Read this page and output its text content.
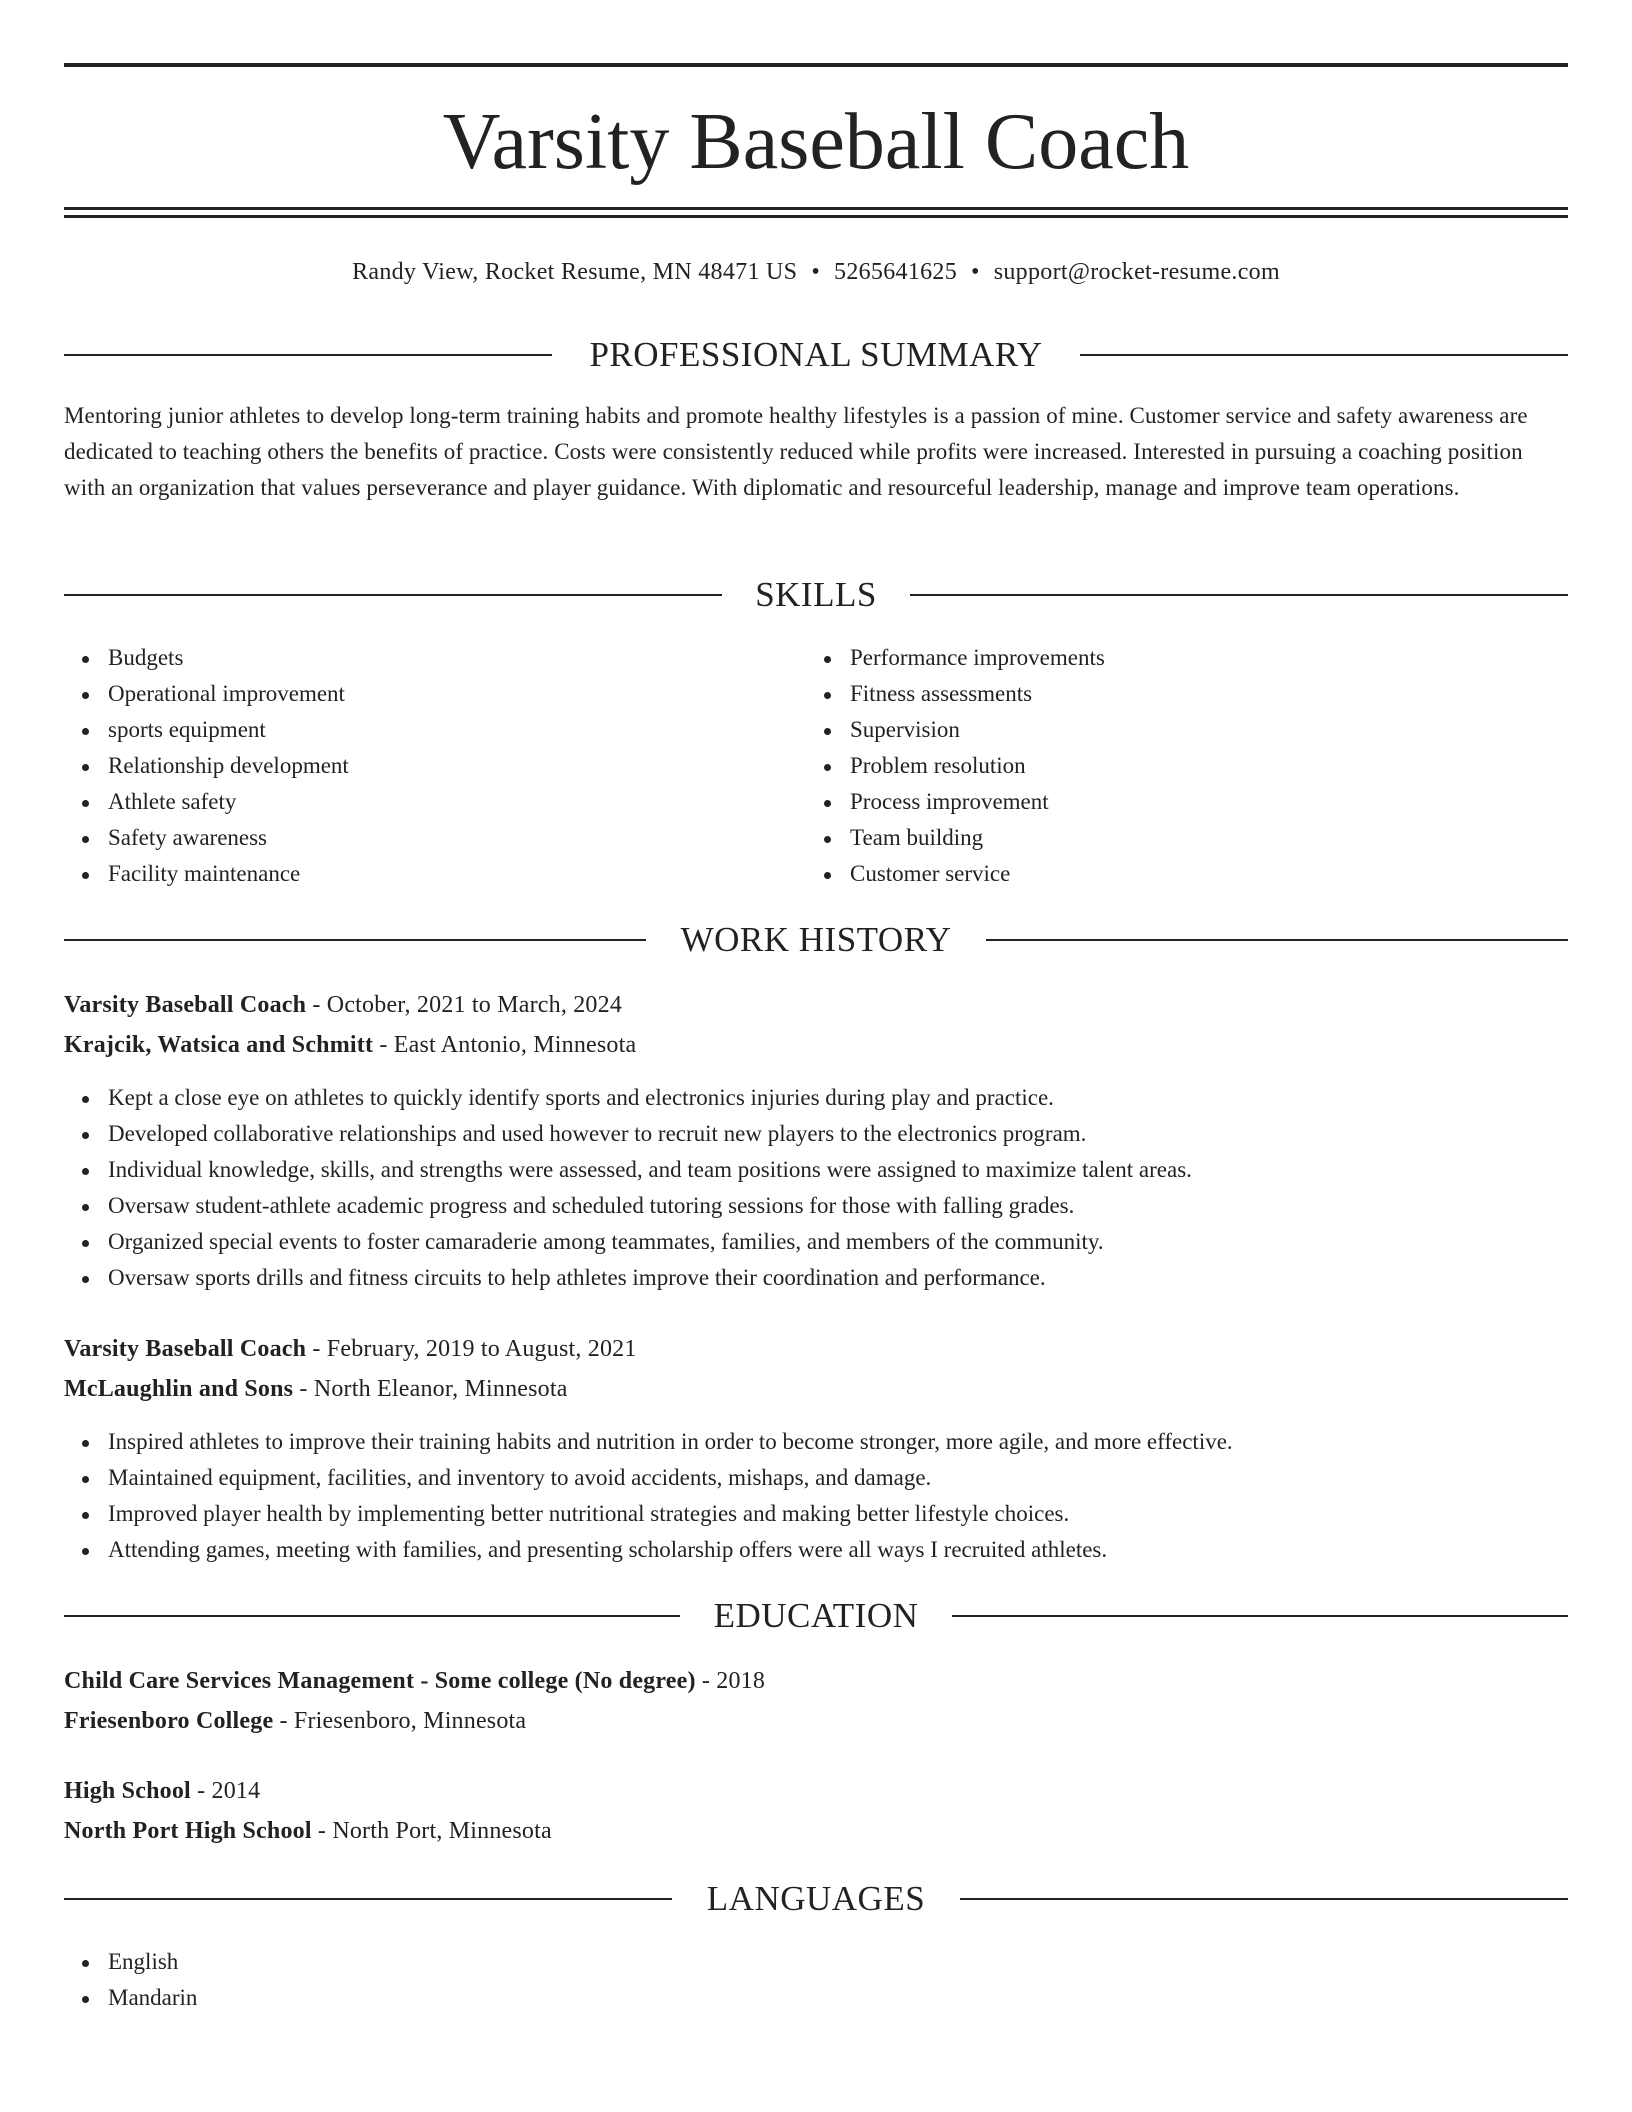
Varsity Baseball Coach
Randy View, Rocket Resume, MN 48471 US • 5265641625 • support@rocket-resume.com
PROFESSIONAL SUMMARY

Mentoring junior athletes to develop long-term training habits and promote healthy lifestyles is a passion of mine. Customer service and safety awareness are dedicated to teaching others the benefits of practice. Costs were consistently reduced while profits were increased. Interested in pursuing a coaching position with an organization that values perseverance and player guidance. With diplomatic and resourceful leadership, manage and improve team operations.

SKILLS
Budgets
Operational improvement
sports equipment
Relationship development
Athlete safety
Safety awareness
Facility maintenance
Performance improvements
Fitness assessments
Supervision
Problem resolution
Process improvement
Team building
Customer service
WORK HISTORY
Varsity Baseball Coach - October, 2021 to March, 2024
Krajcik, Watsica and Schmitt - East Antonio, Minnesota
Kept a close eye on athletes to quickly identify sports and electronics injuries during play and practice.
Developed collaborative relationships and used however to recruit new players to the electronics program.
Individual knowledge, skills, and strengths were assessed, and team positions were assigned to maximize talent areas.
Oversaw student-athlete academic progress and scheduled tutoring sessions for those with falling grades.
Organized special events to foster camaraderie among teammates, families, and members of the community.
Oversaw sports drills and fitness circuits to help athletes improve their coordination and performance.
Varsity Baseball Coach - February, 2019 to August, 2021
McLaughlin and Sons - North Eleanor, Minnesota
Inspired athletes to improve their training habits and nutrition in order to become stronger, more agile, and more effective.
Maintained equipment, facilities, and inventory to avoid accidents, mishaps, and damage.
Improved player health by implementing better nutritional strategies and making better lifestyle choices.
Attending games, meeting with families, and presenting scholarship offers were all ways I recruited athletes.
EDUCATION
Child Care Services Management - Some college (No degree) - 2018
Friesenboro College - Friesenboro, Minnesota
High School - 2014
North Port High School - North Port, Minnesota
LANGUAGES
English
Mandarin
